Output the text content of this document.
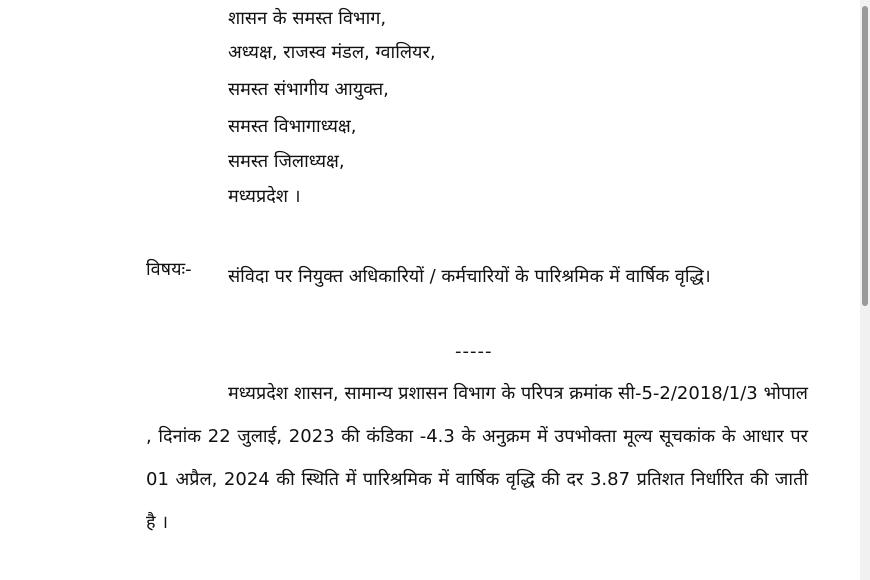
शासन के समस्त विभाग,
अध्यक्ष, राजस्व मंडल, ग्वालियर,
समस्त संभागीय आयुक्त,
समस्त विभागाध्यक्ष,
समस्त जिलाध्यक्ष,
मध्यप्रदेश ।
विषयः- संविदा पर नियुक्त अधिकारियों / कर्मचारियों के पारिश्रमिक में वार्षिक वृद्धि।
-----
मध्यप्रदेश शासन, सामान्य प्रशासन विभाग के परिपत्र क्रमांक सी-5-2/2018/1/3 भोपाल , दिनांक 22 जुलाई, 2023 की कंडिका -4.3 के अनुक्रम में उपभोक्ता मूल्य सूचकांक के आधार पर 01 अप्रैल, 2024 की स्थिति में पारिश्रमिक में वार्षिक वृद्धि की दर 3.87 प्रतिशत निर्धारित की जाती है ।
